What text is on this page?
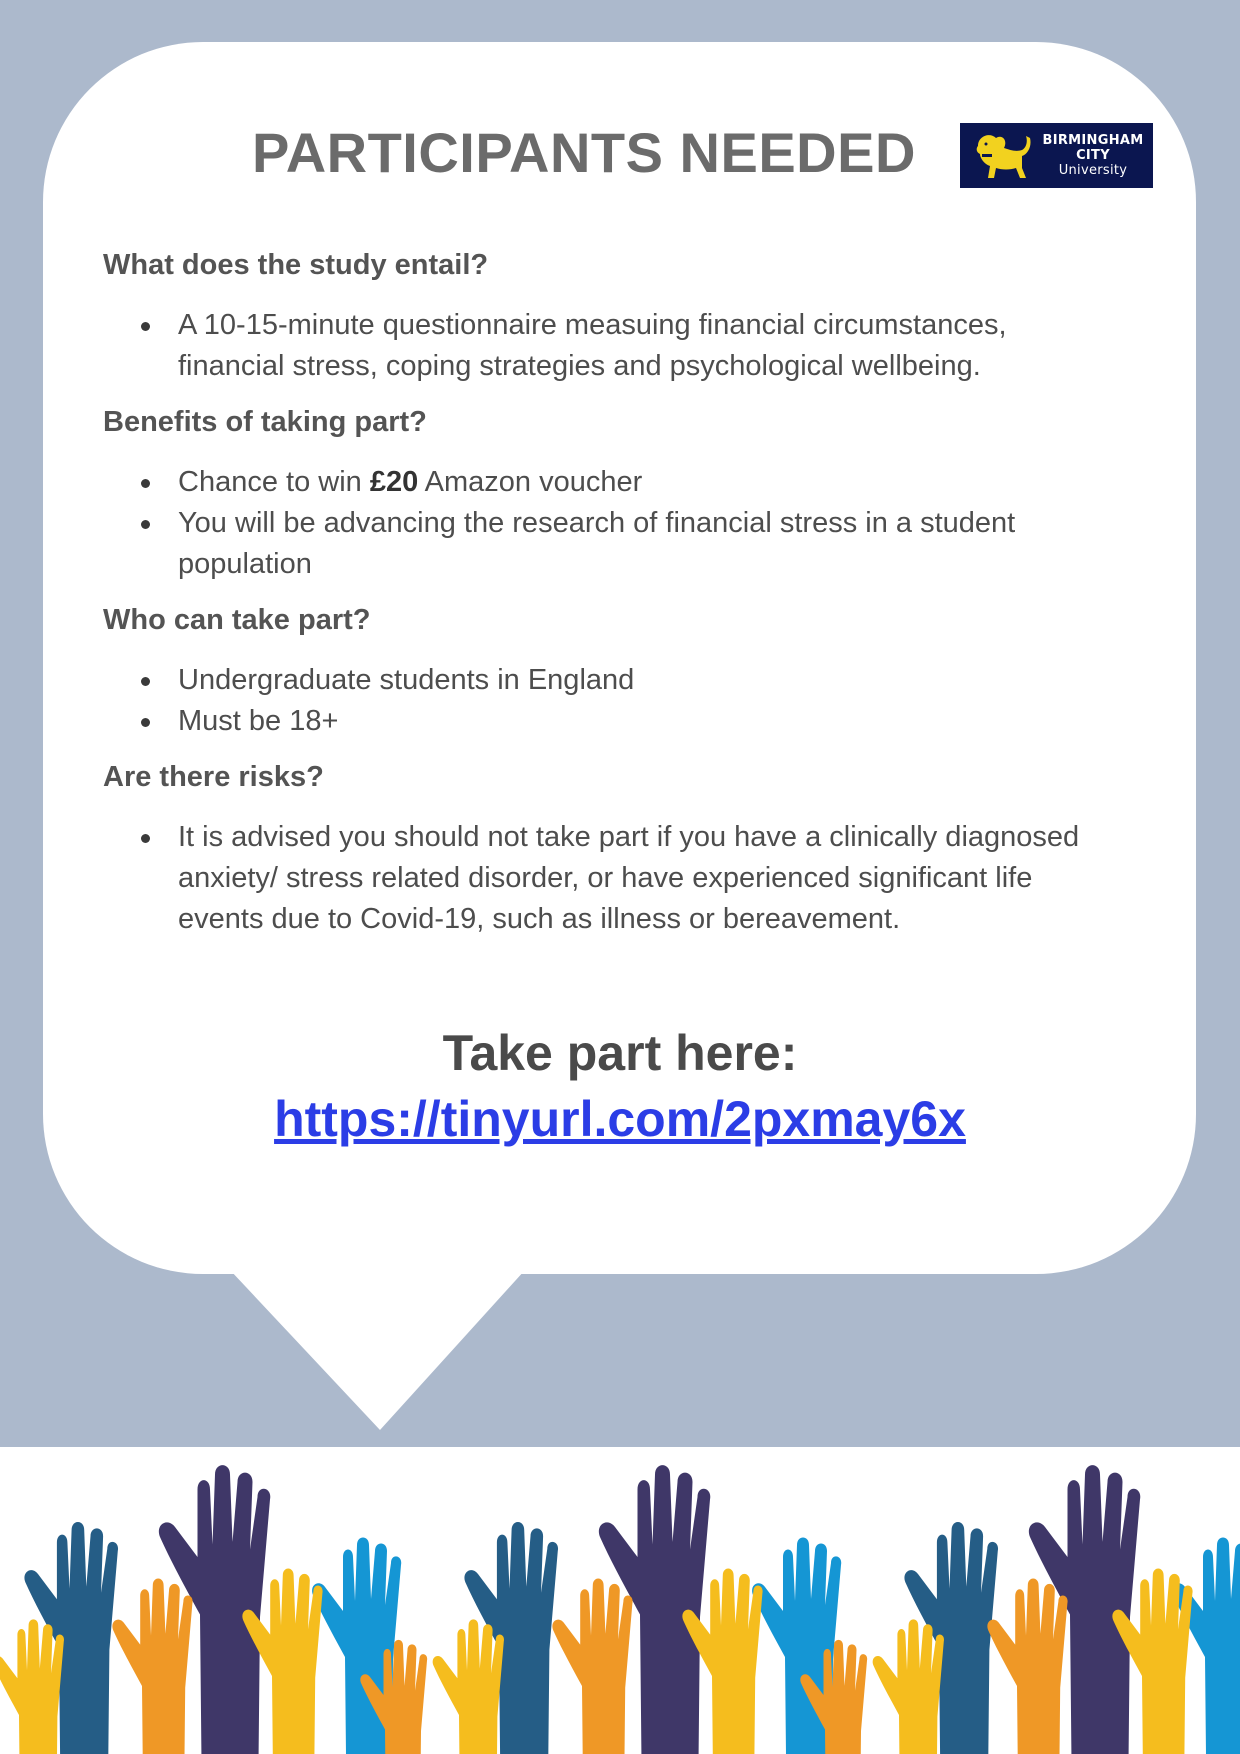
PARTICIPANTS NEEDED	BIRMINGHAM
CITY
University

What does the study entail?

A 10-15-minute questionnaire measuing financial circumstances, financial stress, coping strategies and psychological wellbeing.

Benefits of taking part?

Chance to win £20 Amazon voucher
You will be advancing the research of financial stress in a student population

Who can take part?

Undergraduate students in England
Must be 18+

Are there risks?

It is advised you should not take part if you have a clinically diagnosed anxiety/ stress related disorder, or have experienced significant life events due to Covid-19, such as illness or bereavement.
Take part here:
https://tinyurl.com/2pxmay6x
